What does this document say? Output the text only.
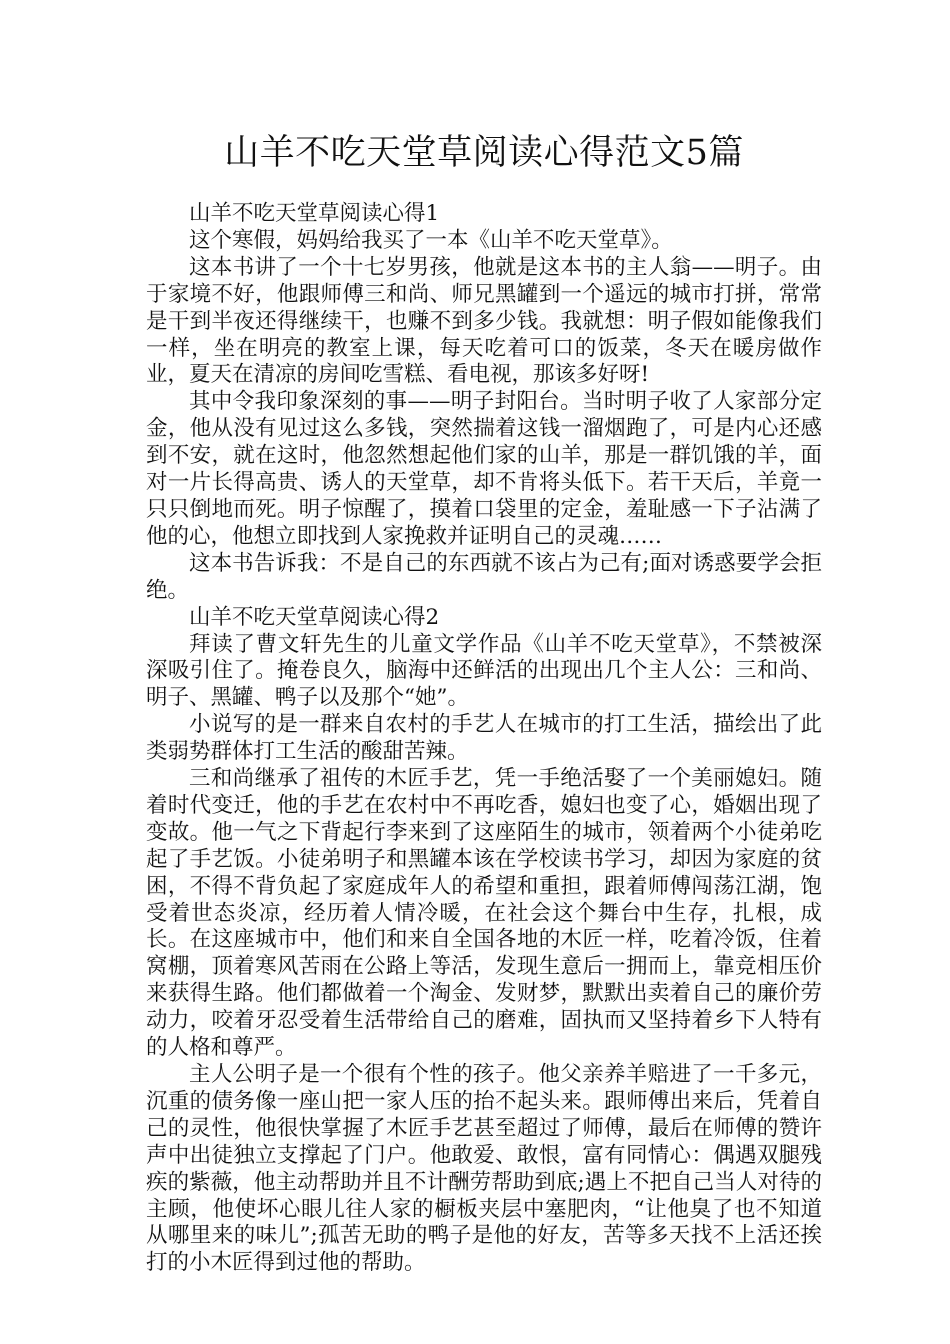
山羊不吃天堂草阅读心得范文5篇

山羊不吃天堂草阅读心得1

这个寒假，妈妈给我买了一本《山羊不吃天堂草》。

这本书讲了一个十七岁男孩，他就是这本书的主人翁——明子。由于家境不好，他跟师傅三和尚、师兄黑罐到一个遥远的城市打拼，常常是干到半夜还得继续干，也赚不到多少钱。我就想：明子假如能像我们一样，坐在明亮的教室上课，每天吃着可口的饭菜，冬天在暖房做作业，夏天在清凉的房间吃雪糕、看电视，那该多好呀!

其中令我印象深刻的事——明子封阳台。当时明子收了人家部分定金，他从没有见过这么多钱，突然揣着这钱一溜烟跑了，可是内心还感到不安，就在这时，他忽然想起他们家的山羊，那是一群饥饿的羊，面对一片长得高贵、诱人的天堂草，却不肯将头低下。若干天后，羊竟一只只倒地而死。明子惊醒了，摸着口袋里的定金，羞耻感一下子沾满了他的心，他想立即找到人家挽救并证明自己的灵魂……

这本书告诉我：不是自己的东西就不该占为己有;面对诱惑要学会拒绝。

山羊不吃天堂草阅读心得2

拜读了曹文轩先生的儿童文学作品《山羊不吃天堂草》，不禁被深深吸引住了。掩卷良久，脑海中还鲜活的出现出几个主人公：三和尚、明子、黑罐、鸭子以及那个“她”。

小说写的是一群来自农村的手艺人在城市的打工生活，描绘出了此类弱势群体打工生活的酸甜苦辣。

三和尚继承了祖传的木匠手艺，凭一手绝活娶了一个美丽媳妇。随着时代变迁，他的手艺在农村中不再吃香，媳妇也变了心，婚姻出现了变故。他一气之下背起行李来到了这座陌生的城市，领着两个小徒弟吃起了手艺饭。小徒弟明子和黑罐本该在学校读书学习，却因为家庭的贫困，不得不背负起了家庭成年人的希望和重担，跟着师傅闯荡江湖，饱受着世态炎凉，经历着人情冷暖，在社会这个舞台中生存，扎根，成长。在这座城市中，他们和来自全国各地的木匠一样，吃着冷饭，住着窝棚，顶着寒风苦雨在公路上等活，发现生意后一拥而上，靠竞相压价来获得生路。他们都做着一个淘金、发财梦，默默出卖着自己的廉价劳动力，咬着牙忍受着生活带给自己的磨难，固执而又坚持着乡下人特有的人格和尊严。

主人公明子是一个很有个性的孩子。他父亲养羊赔进了一千多元，沉重的债务像一座山把一家人压的抬不起头来。跟师傅出来后，凭着自己的灵性，他很快掌握了木匠手艺甚至超过了师傅，最后在师傅的赞许声中出徒独立支撑起了门户。他敢爱、敢恨，富有同情心：偶遇双腿残疾的紫薇，他主动帮助并且不计酬劳帮助到底;遇上不把自己当人对待的主顾，他使坏心眼儿往人家的橱板夹层中塞肥肉，“让他臭了也不知道从哪里来的味儿”;孤苦无助的鸭子是他的好友，苦等多天找不上活还挨打的小木匠得到过他的帮助。
